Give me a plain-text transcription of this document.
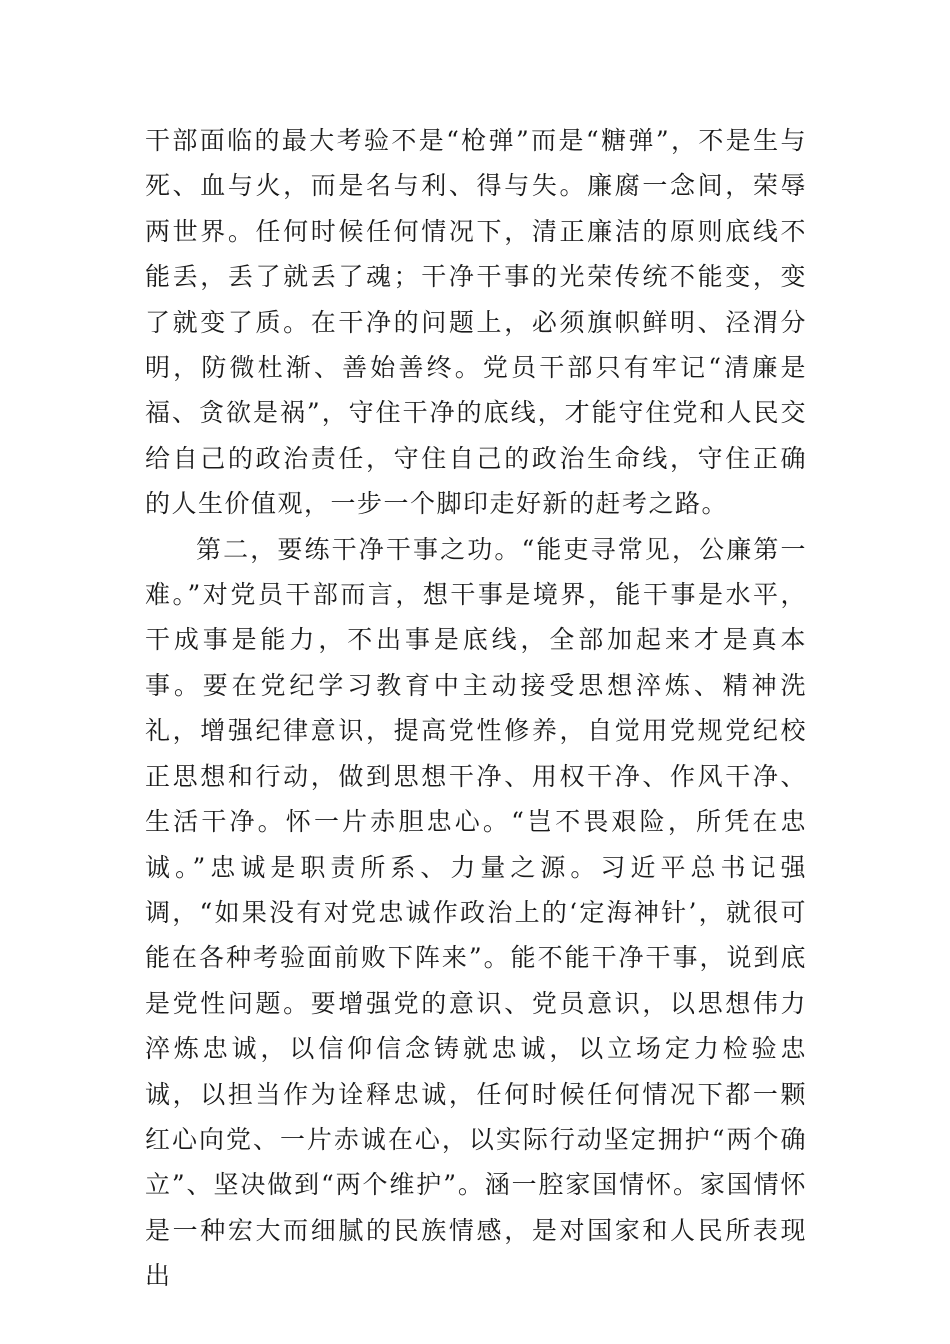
干部面临的最大考验不是“枪弹”而是“糖弹”，不是生与死、血与火，而是名与利、得与失。廉腐一念间，荣辱两世界。任何时候任何情况下，清正廉洁的原则底线不能丢，丢了就丢了魂；干净干事的光荣传统不能变，变了就变了质。在干净的问题上，必须旗帜鲜明、泾渭分明，防微杜渐、善始善终。党员干部只有牢记“清廉是福、贪欲是祸”，守住干净的底线，才能守住党和人民交给自己的政治责任，守住自己的政治生命线，守住正确的人生价值观，一步一个脚印走好新的赶考之路。

第二，要练干净干事之功。“能吏寻常见，公廉第一难。”对党员干部而言，想干事是境界，能干事是水平，干成事是能力，不出事是底线，全部加起来才是真本事。要在党纪学习教育中主动接受思想淬炼、精神洗礼，增强纪律意识，提高党性修养，自觉用党规党纪校正思想和行动，做到思想干净、用权干净、作风干净、生活干净。怀一片赤胆忠心。“岂不畏艰险，所凭在忠诚。”忠诚是职责所系、力量之源。习近平总书记强调，“如果没有对党忠诚作政治上的‘定海神针’，就很可能在各种考验面前败下阵来”。能不能干净干事，说到底是党性问题。要增强党的意识、党员意识，以思想伟力淬炼忠诚，以信仰信念铸就忠诚，以立场定力检验忠诚，以担当作为诠释忠诚，任何时候任何情况下都一颗红心向党、一片赤诚在心，以实际行动坚定拥护“两个确立”、坚决做到“两个维护”。涵一腔家国情怀。家国情怀是一种宏大而细腻的民族情感，是对国家和人民所表现出
